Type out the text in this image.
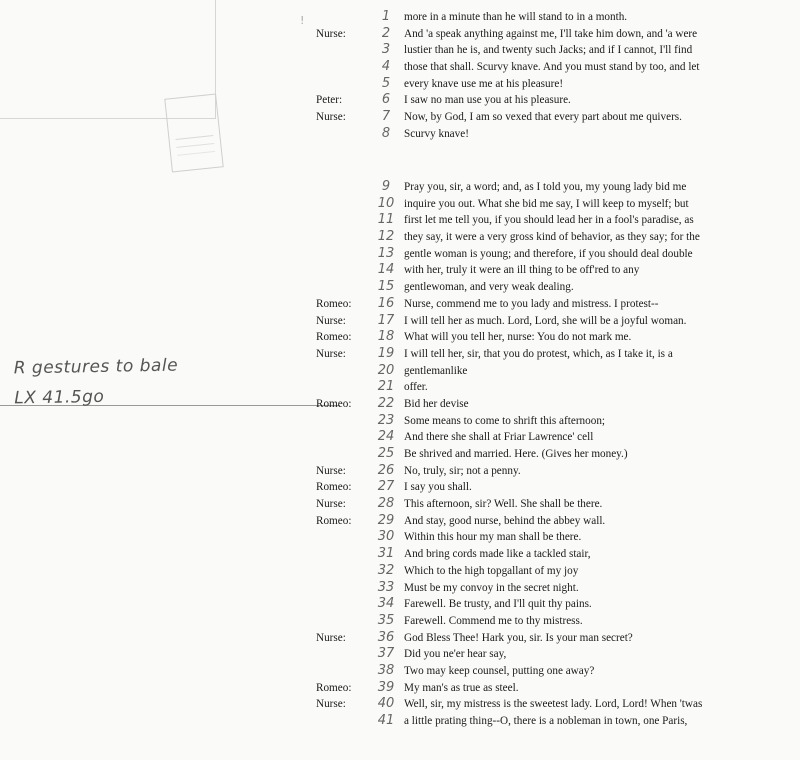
!
R gestures to bale
LX 41.5go
1	more in a minute than he will stand to in a month.
Nurse:	2	And 'a speak anything against me, I'll take him down, and 'a were
3	lustier than he is, and twenty such Jacks; and if I cannot, I'll find
4	those that shall. Scurvy knave. And you must stand by too, and let
5	every knave use me at his pleasure!
Peter:	6	I saw no man use you at his pleasure.
Nurse:	7	Now, by God, I am so vexed that every part about me quivers.
8	Scurvy knave!
9	Pray you, sir, a word; and, as I told you, my young lady bid me
10 inquire you out. What she bid me say, I will keep to myself; but
11 first let me tell you, if you should lead her in a fool's paradise, as
12 they say, it were a very gross kind of behavior, as they say; for the
13 gentle woman is young; and therefore, if you should deal double
14 with her, truly it were an ill thing to be off'red to any
15 gentlewoman, and very weak dealing.
Romeo:	16 Nurse, commend me to you lady and mistress. I protest--
Nurse:	17 I will tell her as much. Lord, Lord, she will be a joyful woman.
Romeo:	18 What will you tell her, nurse: You do not mark me.
Nurse:	19 I will tell her, sir, that you do protest, which, as I take it, is a
20 gentlemanlike
21 offer.
Romeo:	22 Bid her devise
23 Some means to come to shrift this afternoon;
24 And there she shall at Friar Lawrence' cell
25 Be shrived and married. Here. (Gives her money.)
Nurse:	26 No, truly, sir; not a penny.
Romeo:	27 I say you shall.
Nurse:	28 This afternoon, sir? Well. She shall be there.
Romeo:	29 And stay, good nurse, behind the abbey wall.
30 Within this hour my man shall be there.
31 And bring cords made like a tackled stair,
32 Which to the high topgallant of my joy
33 Must be my convoy in the secret night.
34 Farewell. Be trusty, and I'll quit thy pains.
35 Farewell. Commend me to thy mistress.
Nurse:	36 God Bless Thee! Hark you, sir. Is your man secret?
37 Did you ne'er hear say,
38 Two may keep counsel, putting one away?
Romeo:	39 My man's as true as steel.
Nurse:	40 Well, sir, my mistress is the sweetest lady. Lord, Lord! When 'twas
41 a little prating thing--O, there is a nobleman in town, one Paris,
